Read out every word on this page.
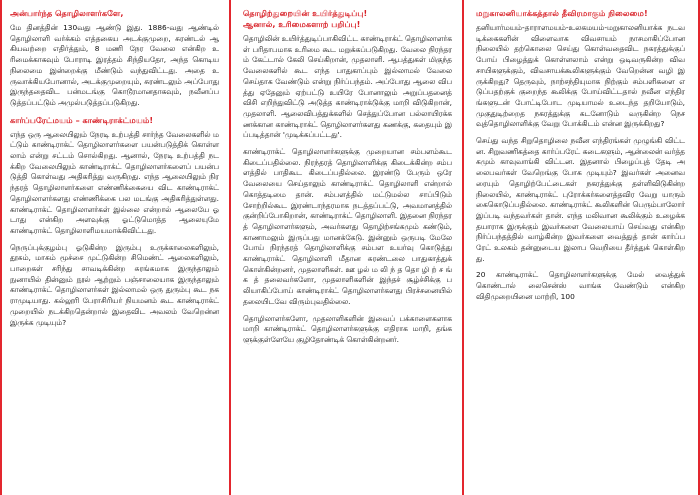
அன்பார்ந்த தொழிலாளர்களே,

மே தினத்தின் 130வது ஆண்டு இது. 1886-வது ஆண்டில் தொழிலாளி வர்க்கம் எத்தகைய அடக்குமுறை, சுரண்டல் ஆகியவற்றை எதிர்த்தும், 8 மணி நேர வேலை என்கிற உரிமைக்காகவும் போராடி இரத்தம் சிந்தியதோ, அந்த கொடியநிலைமை இன்றைக்கு மீண்டும் வந்துவிட்டது. அதை உருவாக்கியபோனால், அடக்குமுறையும், சுரண்டலும் அப்போது இருந்ததைவிட பன்மடங்கு கொடூரமானதாகவும், நவீனப்படுத்தப்பட்டும் அமுல்படுத்தப்படுகிறது.

கார்ப்பரேட்மயம் – காண்டிராக்ட்மயம்!

எந்த ஒரு ஆலையிலும் நேரடி உற்பத்தி சார்ந்த வேலைகளில் மட்டும் காண்டிராக்ட் தொழிலாளர்களை பயன்படுத்திக் கொள்ளலாம் என்று சட்டம் சொல்கிறது. ஆனால், நேரடி உற்பத்தி நடக்கிற வேலையிலும் காண்டிராக்ட் தொழிலாளர்களைப் பயன்படுத்தி கொள்வது அதிகரித்து வருகிறது. எந்த ஆலையிலும் நிரந்தரத் தொழிலாளர்களை எண்ணிக்கையை விட காண்டிராக்ட் தொழிலாளர்களது எண்ணிக்கை பல மடங்கு அதிகரித்துள்ளது. காண்டிராக்ட் தொழிலாளர்கள் இல்லை என்றால் ஆலையே ஓடாது என்கிற அளவுக்கு ஓட்டுமொத்த ஆலையுமே காண்டிராக்ட் தொழிலாளிமயமாக்கிவிட்டது.

நெருப்புக்குழம்பு ஓடுகின்ற இரும்பு உருக்காலைகளிலும், தூசும், மாசும் மூச்சை முட்டுகின்ற சிமெண்ட் ஆலைகளிலும், பாறைகள் சரிந்து சாவடிக்கின்ற சுரங்கமாக இருந்தாலும் நுனாயில் தின்னும் நூல் ஆற்றும் பஞ்சாலையாக இருந்தாலும் காண்டிராக்ட் தொழிலாளர்கள் இல்லாமல் ஒரு துரும்பு கூட நகராமுடியாது. கல்லூரி பேராசிரியர் நியமனம் கூட காண்டிராக்ட் முறையில் நடக்கிறதென்றால் இதைவிட அவலம் வேறென்ன இருக்க முடியும்?

தொழிற்துறையின் உயிர்த்துடிப்பு!
ஆனால், உரிமைகளாற் பறிப்பு!

தொழிலின் உயிர்த்துடிப்பாகிவிட்ட காண்டிராக்ட் தொழிலாளர்கள் பரிதாபமாக உரிமை கூட மறுக்கப்படுகிறது. வேலை நிரந்தரம் கேட்டால் கேலி செய்கிறான், முதலாளி. ஆபத்துகள் மிகுந்த வேலைகளில் கூட எந்த பாதுகாப்பும் இல்லாமல் வேலை செய்தாக வேண்டும் என்று நிர்ப்பந்தம். அப்போது ஆலை விபத்து ஏதேனும் ஏற்பட்டு உயிரே போனாலும் அறுப்பதனைத் விசி எறிந்துவிட்டு அடுத்த காண்டிராக்டுக்கு மாறி விடுகிறான், முதலாளி. ஆலைவிபத்துக்களில் செத்துப்போன பல்லாயிரக்கணக்கான காண்டிராக்ட் தொழிலாளர்களது கணக்கு, கதையும் இப்படித்தான் 'முடிக்கப்பட்டது'.

காண்டிராக்ட் தொழிலாளர்களுக்கு முறையான சம்பளம்கூட கிடைப்பதில்லை. நிரந்தரத் தொழிலாளிக்கு கிடைக்கின்ற சம்பளத்தில் பாதிகூட கிடைப்பதில்லை. இரண்டு பேரும் ஒரே வேலையை செய்தாலும் காண்டிராக்ட் தொழிலாளி என்றால் கொத்தடிமை தான். சம்பளத்தில் மட்டுமல்ல சாப்பிடும் சோற்றில்கூட இரண்டாந்தரமாக நடத்தப்பட்டு, அவமானத்தில் குன்றிப்போகிறான், காண்டிராக்ட் தொழிலாளி. இதனை நிரந்தரத் தொழிலாளர்களும், அவர்களது தொழிற்சங்கமும் கண்டும், காணாமலும் இருப்பது மானக்கேடு. இன்னும் ஒருபடி மேலே போய் நிரந்தரத் தொழிலாளிக்கு சம்பள உயர்வு கொடுத்து காண்டிராக்ட் தொழிலாளி மீதான சுரண்டலை பாதுகாத்துக் கொள்கின்றனர், முதலாளிகள். ஊ ழல் ம லி ந் த தொ ழி ற் ச ங் க த் தலைவர்களோ, முதலாளிகளின் இந்தச் சூழ்ச்சிக்கு பலியாகிப்போய் காண்டிராக்ட் தொழிலாளர்களது பிரச்சனையில் தலையிடவே விரும்புவதில்லை.

தொழிலாளர்களோ, முதலாளிகளின் இவைப் பக்காளைகளாக மாறி காண்டிராக்ட் தொழிலாளர்களுக்கு எதிராக மாறி, தங்களுக்குள்ளேயே குழிதோண்டிக் கொள்கின்றனர்.

மறுகாலனியாக்கத்தால் தீவிரமாகும் நிலைமை!

தனியார்மயம்-தாராளமயம்-உலகமயம்-மறுகாலனியாக்க நடவடிக்கைகளின் விளைவாக விவசாயம் நாசமாகிப்போன நிலையில் தற்கொலை செய்து கொள்வதைவிட நகரத்துக்குப் போய் பிழைத்துக் கொள்ளலாம் என்று ஒடிவருகின்ற விவசாயிகளுக்கும், விவசாயக்கூலிகளுக்கும் வேறென்ன வழி இருக்கிறது? தெருவும், நாற்சந்தியுமாக நிற்கும் சம்பளிகளை எடுப்பதற்குக் குறைந்த கூலிக்கு போய்விட்டதால் நவீன எந்திரங்களுடன் போட்டிபோட முடியாமல் உடைந்த தறியோடும், முகுதுடிற்றைத நகரத்துக்கு கடனோடும் வருகின்ற நெசவுத்தொழிலாளிக்கு வேறு போக்கிடம் என்ன இருக்கிறது?

செய்து வந்த சிறுதொழிலை நவீன எந்திரங்கள் முழுங்கி விட்டன. சிறுவணிகத்தை கார்ப்பரேட் கடைகளும், ஆன்லைன் வர்த்தகமும் காவுவாங்கி விட்டன. இதனால் பிழைப்புத் தேடி அலைபவர்கள் வேறெங்கு போக முடியும்? இவர்கள் அனைவரையும் தொழிற்பேட்டைகள் நகரத்துக்கு தள்ளிவிடுகின்ற நிலையில், காண்டிராக்ட் புரோக்கர்களைத்தவிர வேறு யாரும் கைகொடுப்பதில்லை. காண்டிராக்ட் கூலிகளின் பெரும்பாலோர் இப்படி வந்தவர்கள் தான். எந்த மலிவான கூலிக்கும் உழைக்க தயாராக இருக்கும் இவர்களை வேலையாய் செய்வது என்கிற நிர்ப்பந்தத்தில் வாழ்கின்ற இவர்களை வைத்துத் தான் கார்ப்பரேட் உலகம் தன்னுடைய இலாப வெறியை தீர்த்துக் கொள்கிறது.

20 காண்டிராக்ட் தொழிலாளர்களுக்கு மேல் வைத்துக் கொண்டால் லைசென்ஸ் வாங்க வேண்டும் என்கிற விதிமுறையினை மாற்றி, 100
